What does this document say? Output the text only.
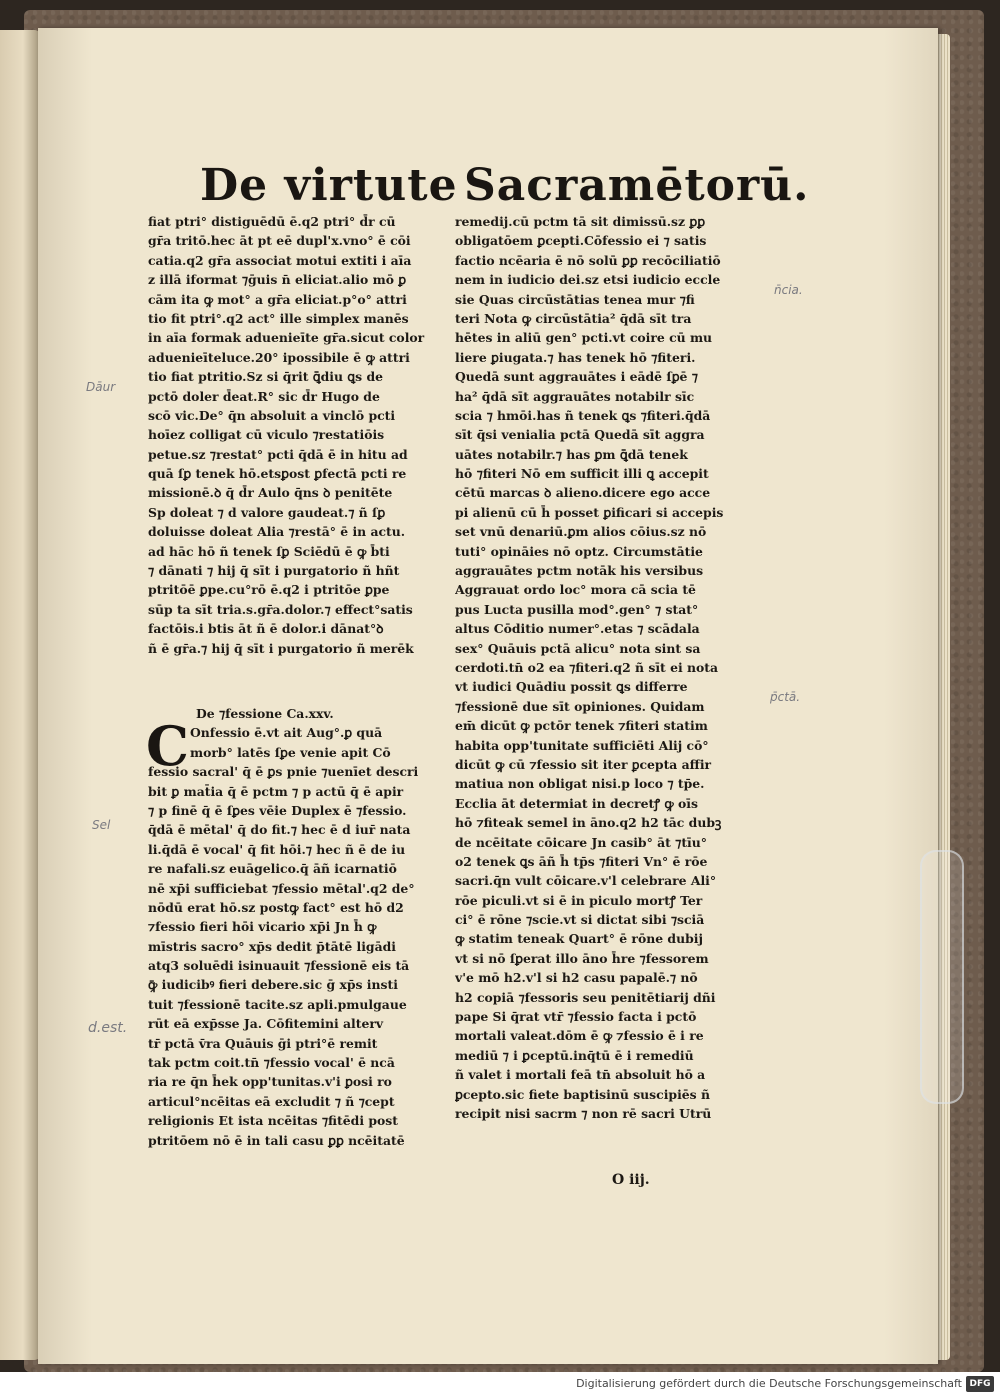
De virtute Sacramētorū.
fiat ptri° distiguēdū ē.q2 ptri° d̄r cū
gr̄a tritō.hec āt pt eē dupl'x.vno° ē cōi
catia.q2 gr̄a associat motui extiti i aīa
z illā iformat ⁊ḡuis n̄ eliciat.alio mō ꝑ
cām ita ꝙ mot° a gr̄a eliciat.p°o° attri
tio fit ptri°.q2 act° ille simplex manēs
in aīa formak aduenieīte gr̄a.sicut color
aduenieīteluce.20° ipossibile ē ꝙ attri
tio fiat ptritio.Sz si q̄rit ꝗ̄diu ꝗs de
pctō doler d̄eat.R° sic d̄r Hugo de
scō vic.De° q̄n absoluit a vinclō pcti
hoīez colligat cū viculo ⁊restatiōis
petue.sz ⁊restat° pcti q̄dā ē in hitu ad
quā ſꝑ tenek hō.etsꝑost ꝑfectā pcti re
missionē.ꝺ q̄ d̄r Aulo q̄ns ꝺ penitēte
Sp doleat ⁊ d valore gaudeat.⁊ ñ ſꝑ
doluisse doleat Alia ⁊restā° ē in actu.
ad hāc hō ñ tenek ſꝑ Sciēdū ē ꝙ b̄ti
⁊ dānati ⁊ hij q̄ sīt i purgatorio ñ hñt
ptritōē ꝑpe.cu°rō ē.q2 i ptritōe ꝑpe
sūp ta sīt tria.s.gr̄a.dolor.⁊ effect°satis
factōis.i btis āt ñ ē dolor.i dānat°ꝺ
ñ ē gr̄a.⁊ hij q̄ sīt i purgatorio ñ merēk
C
De ⁊fessione Ca.xxv.
Onfessio ē.vt ait Aug°.ꝑ quā
morb° latēs ſꝑe venie apit Cō
fessio sacral' q̄ ē ꝑs pnie ⁊uenīet descri
bit ꝑ mat̄ia q̄ ē pctm ⁊ p actū q̄ ē apir
⁊ p finē q̄ ē ſꝑes vēie Duplex ē ⁊fessio.
q̄dā ē mētal' q̄ do fit.⁊ hec ē d iur̄ nata
li.q̄dā ē vocal' q̄ fit hōi.⁊ hec ñ ē de iu
re nafali.sz euāgelico.q̄ āñ icarnatiō
nē xp̄i sufficiebat ⁊fessio mētal'.q2 de°
nōdū erat hō.sz postꝙ fact° est hō d2
⁊fessio fieri hōi vicario xp̄i Jn h̄ ꝙ
mīstris sacro° xp̄s dedit p̄tātē ligādi
atq3 soluēdi isinuauit ⁊fessionē eis tā
ꝙ̄ iudicibꝰ fieri debere.sic ḡ xp̄s insti
tuit ⁊fessionē tacite.sz apli.pmulgaue
rūt eā exp̄sse Ja. Cōfitemini alterv
tr̄ pctā v̄ra Quāuis ḡi ptri°ē remit
tak pctm coit.tn̄ ⁊fessio vocal' ē ncā
ria re q̄n h̄ek opp'tunitas.v'i ꝑosi ro
articul°ncēitas eā excludit ⁊ ñ ⁊cept
religionis Et ista ncēitas ⁊fitēdi post
ptritōem nō ē in tali casu ꝑꝑ ncēitatē
remedij.cū pctm tā sit dimissū.sz ꝑꝑ
obligatōem ꝑcepti.Cōfessio ei ⁊ satis
factio ncēaria ē nō solū ꝑꝑ recōciliatiō
nem in iudicio dei.sz etsi iudicio eccle
sie Quas circūstātias tenea mur ⁊fi
teri Nota ꝙ circūstātia² q̄dā sīt tra
hētes in aliū gen° pcti.vt coire cū mu
liere ꝑiugata.⁊ has tenek hō ⁊fiteri.
Quedā sunt aggrauātes i eādē ſꝑē ⁊
ha² q̄dā sīt aggrauātes notabilr sīc
scia ⁊ hmōi.has ñ tenek ꝗs ⁊fiteri.q̄dā
sīt q̄si venialia pctā Quedā sīt aggra
uātes notabilr.⁊ has ꝑm ꝗ̄dā tenek
hō ⁊fiteri Nō em sufficit illi ꝗ accepit
cētū marcas ꝺ alieno.dicere ego acce
pi alienū cū h̄ posset ꝑificari si accepis
set vnū denariū.ꝑm alios cōius.sz nō
tuti° opināies nō optz. Circumstātie
aggrauātes pctm notāk his versibus
Aggrauat ordo loc° mora cā scia tē
pus Lucta pusilla mod°.gen° ⁊ stat°
altus Cōditio numer°.etas ⁊ scādala
sex° Quāuis pctā alicu° nota sint sa
cerdoti.tn̄ o2 ea ⁊fiteri.q2 ñ sīt ei nota
vt iudici Quādiu possit ꝗs differre
⁊fessionē due sīt opiniones. Quidam
em̄ dicūt ꝙ pctōr tenek ⁊fiteri statim
habita opp'tunitate sufficiēti Alij cō°
dicūt ꝙ cū ⁊fessio sit iter ꝑcepta affir
matiua non obligat nisi.p loco ⁊ tp̄e.
Ecclia āt determiat in decretꝭ ꝙ oīs
hō ⁊fiteak semel in āno.q2 h2 tāc dubꝫ
de ncēitate cōicare Jn casib° āt ⁊tīu°
o2 tenek ꝗs āñ h̄ tp̄s ⁊fiteri Vn° ē rōe
sacri.q̄n vult cōicare.v'l celebrare Ali°
rōe piculi.vt si ē in piculo mortꝭ Ter
ci° ē rōne ⁊scie.vt si dictat sibi ⁊sciā
ꝙ statim teneak Quart° ē rōne dubij
vt si nō ſꝑerat illo āno h̄re ⁊fessorem
v'e mō h2.v'l si h2 casu papalē.⁊ nō
h2 copiā ⁊fessoris seu penitētiarij dñi
pape Si q̄rat vtr̄ ⁊fessio facta i pctō
mortali valeat.dōm ē ꝙ ⁊fessio ē i re
mediū ⁊ i ꝑceptū.inq̄tū ē i remediū
ñ valet i mortali feā tn̄ absoluit hō a
ꝑcepto.sic fiete baptisinū suscipiēs ñ
recipit nisi sacrm ⁊ non rē sacri Utrū
n̄cia.
p̄ctā.
Dāur
Sel
d.est.
O iij.
Digitalisierung gefördert durch die Deutsche Forschungsgemeinschaft DFG
